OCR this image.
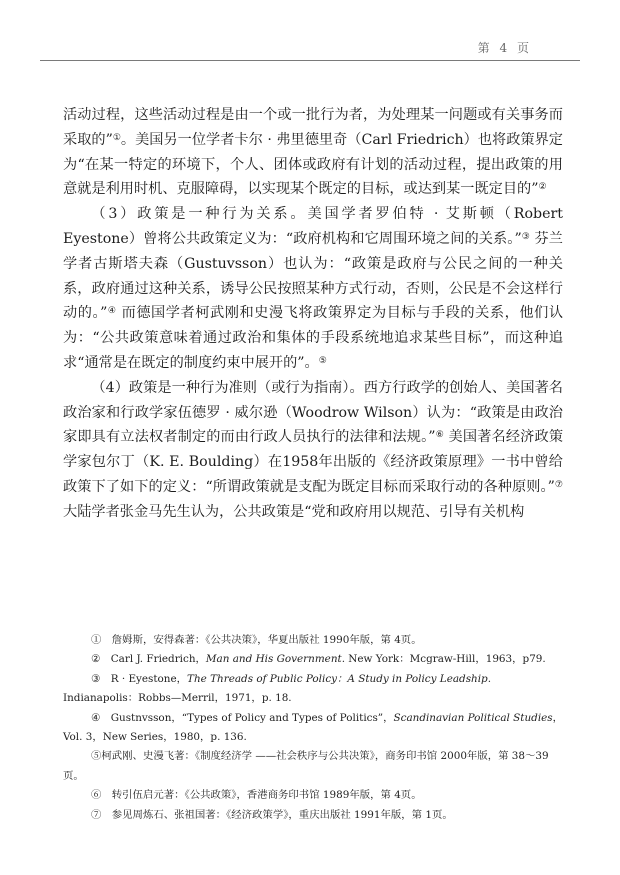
第 4 页

活动过程，这些活动过程是由一个或一批行为者，为处理某一问题或有关事务而采取的”①。美国另一位学者卡尔 · 弗里德里奇（Carl Friedrich）也将政策界定为“在某一特定的环境下，个人、团体或政府有计划的活动过程，提出政策的用意就是利用时机、克服障碍，以实现某个既定的目标，或达到某一既定目的”②

（3）政策是一种行为关系。美国学者罗伯特 · 艾斯顿（Robert Eyestone）曾将公共政策定义为：“政府机构和它周围环境之间的关系。”③ 芬兰学者古斯塔夫森（Gustuvsson）也认为：“政策是政府与公民之间的一种关系，政府通过这种关系，诱导公民按照某种方式行动，否则，公民是不会这样行动的。”④ 而德国学者柯武刚和史漫飞将政策界定为目标与手段的关系，他们认为：“公共政策意味着通过政治和集体的手段系统地追求某些目标”，而这种追求“通常是在既定的制度约束中展开的”。⑤

（4）政策是一种行为准则（或行为指南）。西方行政学的创始人、美国著名政治家和行政学家伍德罗 · 威尔逊（Woodrow Wilson）认为：“政策是由政治家即具有立法权者制定的而由行政人员执行的法律和法规。”⑥ 美国著名经济政策学家包尔丁（K. E. Boulding）在1958年出版的《经济政策原理》一书中曾给政策下了如下的定义：“所谓政策就是支配为既定目标而采取行动的各种原则。”⑦ 大陆学者张金马先生认为，公共政策是“党和政府用以规范、引导有关机构

①　詹姆斯，安得森著：《公共决策》，华夏出版社 1990年版，第 4页。

②　Carl J. Friedrich，Man and His Government. New York：Mcgraw-Hill，1963，p79.

③　R · Eyestone，The Threads of Public Policy：A Study in Policy Leadship. Indianapolis：Robbs—Merril，1971，p. 18.

④　Gustnvsson，“Types of Policy and Types of Politics”，Scandinavian Political Studies，Vol. 3，New Series，1980，p. 136.

⑤柯武刚、史漫飞著：《制度经济学 ——社会秩序与公共决策》，商务印书馆 2000年版，第 38～39页。

⑥　转引伍启元著：《公共政策》，香港商务印书馆 1989年版，第 4页。

⑦　参见周炼石、张祖国著：《经济政策学》，重庆出版社 1991年版，第 1页。
